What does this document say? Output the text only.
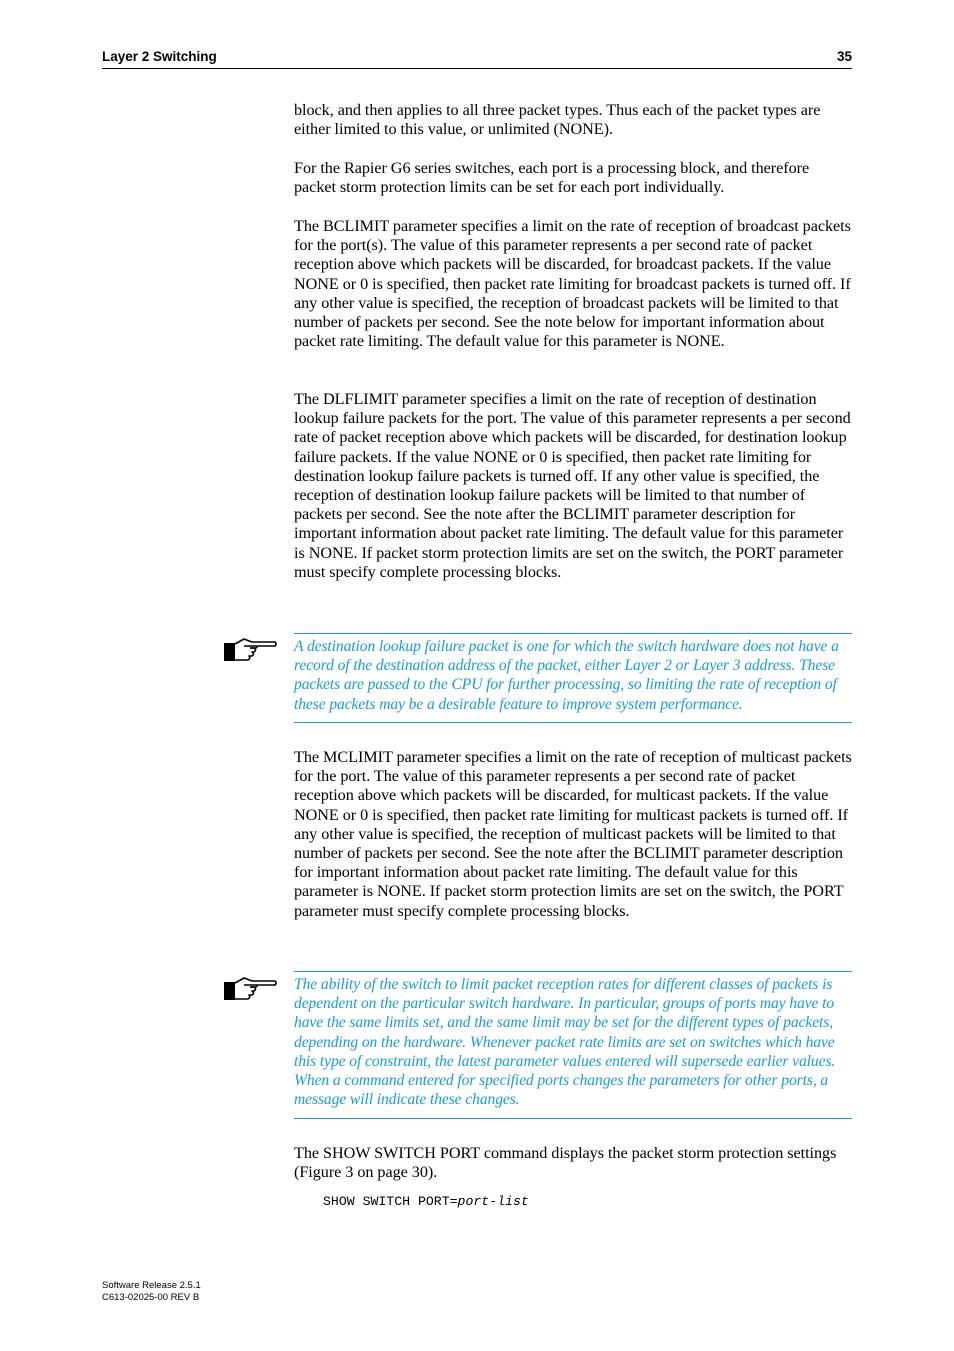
Layer 2 Switching	35

block, and then applies to all three packet types. Thus each of the packet types are either limited to this value, or unlimited (NONE).

For the Rapier G6 series switches, each port is a processing block, and therefore packet storm protection limits can be set for each port individually.

The BCLIMIT parameter specifies a limit on the rate of reception of broadcast packets for the port(s). The value of this parameter represents a per second rate of packet reception above which packets will be discarded, for broadcast packets. If the value NONE or 0 is specified, then packet rate limiting for broadcast packets is turned off. If any other value is specified, the reception of broadcast packets will be limited to that number of packets per second. See the note below for important information about packet rate limiting. The default value for this parameter is NONE.

The DLFLIMIT parameter specifies a limit on the rate of reception of destination lookup failure packets for the port. The value of this parameter represents a per second rate of packet reception above which packets will be discarded, for destination lookup failure packets. If the value NONE or 0 is specified, then packet rate limiting for destination lookup failure packets is turned off. If any other value is specified, the reception of destination lookup failure packets will be limited to that number of packets per second. See the note after the BCLIMIT parameter description for important information about packet rate limiting. The default value for this parameter is NONE. If packet storm protection limits are set on the switch, the PORT parameter must specify complete processing blocks.

A destination lookup failure packet is one for which the switch hardware does not have a record of the destination address of the packet, either Layer 2 or Layer 3 address. These packets are passed to the CPU for further processing, so limiting the rate of reception of these packets may be a desirable feature to improve system performance.

The MCLIMIT parameter specifies a limit on the rate of reception of multicast packets for the port. The value of this parameter represents a per second rate of packet reception above which packets will be discarded, for multicast packets. If the value NONE or 0 is specified, then packet rate limiting for multicast packets is turned off. If any other value is specified, the reception of multicast packets will be limited to that number of packets per second. See the note after the BCLIMIT parameter description for important information about packet rate limiting. The default value for this parameter is NONE. If packet storm protection limits are set on the switch, the PORT parameter must specify complete processing blocks.

The ability of the switch to limit packet reception rates for different classes of packets is dependent on the particular switch hardware. In particular, groups of ports may have to have the same limits set, and the same limit may be set for the different types of packets, depending on the hardware. Whenever packet rate limits are set on switches which have this type of constraint, the latest parameter values entered will supersede earlier values. When a command entered for specified ports changes the parameters for other ports, a message will indicate these changes.

The SHOW SWITCH PORT command displays the packet storm protection settings (Figure 3 on page 30).

SHOW SWITCH PORT=port-list
Software Release 2.5.1
C613-02025-00 REV B
